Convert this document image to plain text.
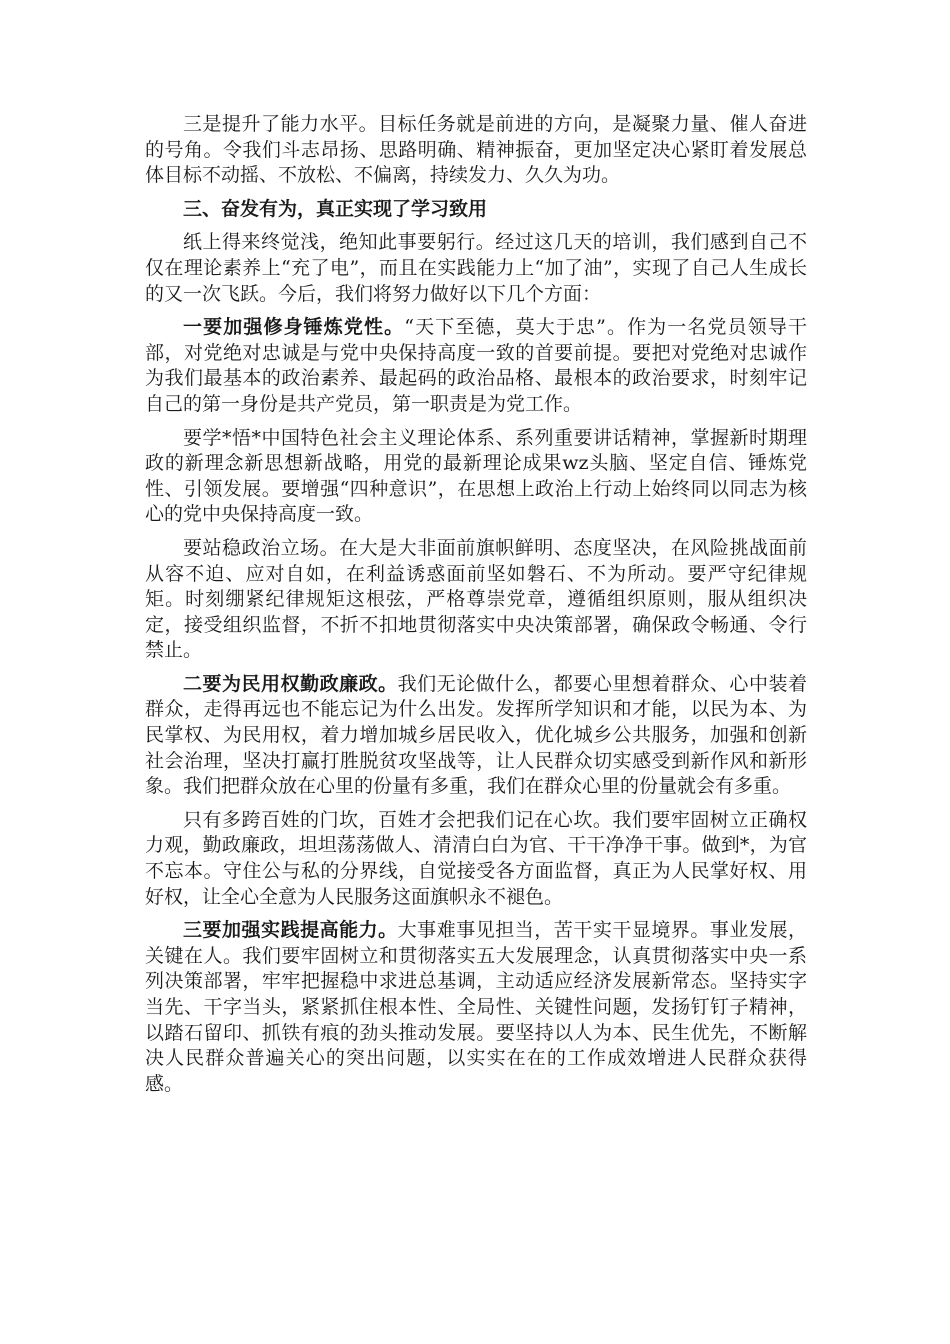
三是提升了能力水平。目标任务就是前进的方向，是凝聚力量、催人奋进的号角。令我们斗志昂扬、思路明确、精神振奋，更加坚定决心紧盯着发展总体目标不动摇、不放松、不偏离，持续发力、久久为功。

三、奋发有为，真正实现了学习致用

纸上得来终觉浅，绝知此事要躬行。经过这几天的培训，我们感到自己不仅在理论素养上“充了电”，而且在实践能力上“加了油”，实现了自己人生成长的又一次飞跃。今后，我们将努力做好以下几个方面：

一要加强修身锤炼党性。“天下至德，莫大于忠”。作为一名党员领导干部，对党绝对忠诚是与党中央保持高度一致的首要前提。要把对党绝对忠诚作为我们最基本的政治素养、最起码的政治品格、最根本的政治要求，时刻牢记自己的第一身份是共产党员，第一职责是为党工作。

要学*悟*中国特色社会主义理论体系、系列重要讲话精神，掌握新时期理政的新理念新思想新战略，用党的最新理论成果wz头脑、坚定自信、锤炼党性、引领发展。要增强“四种意识”，在思想上政治上行动上始终同以同志为核心的党中央保持高度一致。

要站稳政治立场。在大是大非面前旗帜鲜明、态度坚决，在风险挑战面前从容不迫、应对自如，在利益诱惑面前坚如磐石、不为所动。要严守纪律规矩。时刻绷紧纪律规矩这根弦，严格尊崇党章，遵循组织原则，服从组织决定，接受组织监督，不折不扣地贯彻落实中央决策部署，确保政令畅通、令行禁止。

二要为民用权勤政廉政。我们无论做什么，都要心里想着群众、心中装着群众，走得再远也不能忘记为什么出发。发挥所学知识和才能，以民为本、为民掌权、为民用权，着力增加城乡居民收入，优化城乡公共服务，加强和创新社会治理，坚决打赢打胜脱贫攻坚战等，让人民群众切实感受到新作风和新形象。我们把群众放在心里的份量有多重，我们在群众心里的份量就会有多重。

只有多跨百姓的门坎，百姓才会把我们记在心坎。我们要牢固树立正确权力观，勤政廉政，坦坦荡荡做人、清清白白为官、干干净净干事。做到*，为官不忘本。守住公与私的分界线，自觉接受各方面监督，真正为人民掌好权、用好权，让全心全意为人民服务这面旗帜永不褪色。

三要加强实践提高能力。大事难事见担当，苦干实干显境界。事业发展，关键在人。我们要牢固树立和贯彻落实五大发展理念，认真贯彻落实中央一系列决策部署，牢牢把握稳中求进总基调，主动适应经济发展新常态。坚持实字当先、干字当头，紧紧抓住根本性、全局性、关键性问题，发扬钉钉子精神，以踏石留印、抓铁有痕的劲头推动发展。要坚持以人为本、民生优先，不断解决人民群众普遍关心的突出问题，以实实在在的工作成效增进人民群众获得感。
